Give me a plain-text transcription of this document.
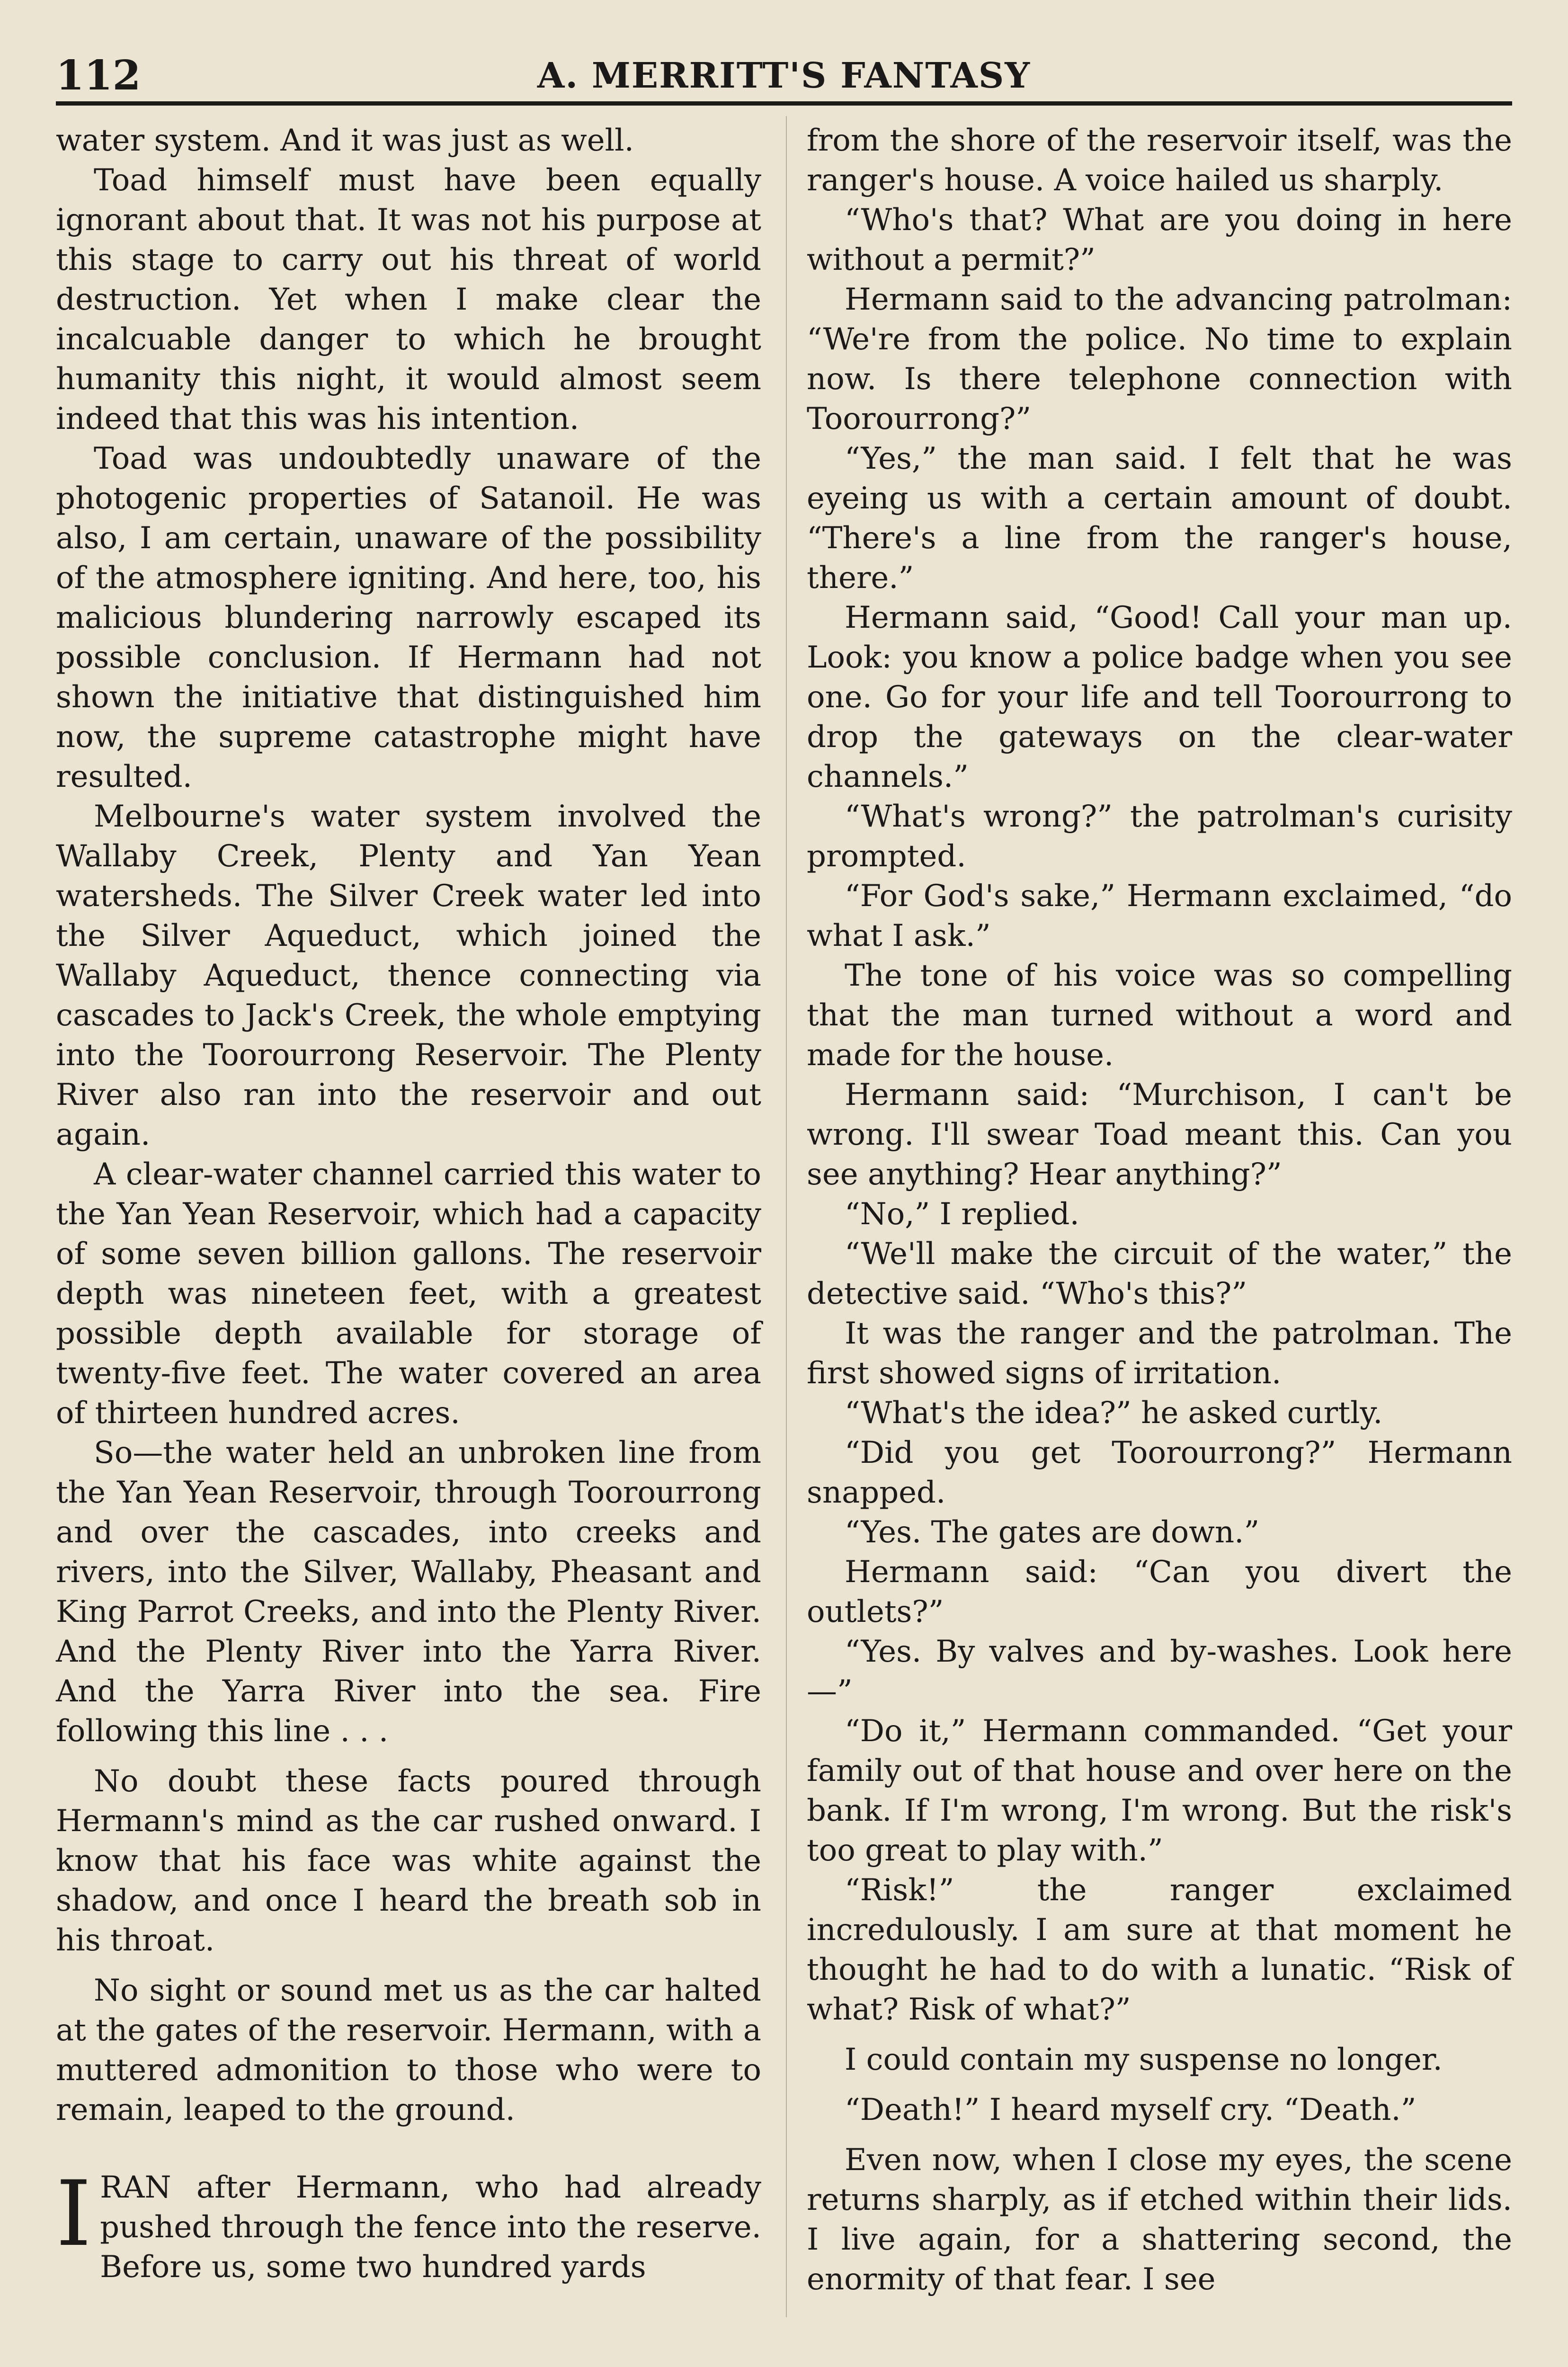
112	A. MERRITT'S FANTASY

water system. And it was just as well.

Toad himself must have been equally ignorant about that. It was not his purpose at this stage to carry out his threat of world destruction. Yet when I make clear the incalcuable danger to which he brought humanity this night, it would almost seem indeed that this was his intention.

Toad was undoubtedly unaware of the photogenic properties of Satanoil. He was also, I am certain, unaware of the possibility of the atmosphere igniting. And here, too, his malicious blundering narrowly escaped its possible conclusion. If Hermann had not shown the initiative that distinguished him now, the supreme catastrophe might have resulted.

Melbourne's water system involved the Wallaby Creek, Plenty and Yan Yean watersheds. The Silver Creek water led into the Silver Aqueduct, which joined the Wallaby Aqueduct, thence connecting via cascades to Jack's Creek, the whole emptying into the Toorourrong Reservoir. The Plenty River also ran into the reservoir and out again.

A clear-water channel carried this water to the Yan Yean Reservoir, which had a capacity of some seven billion gallons. The reservoir depth was nineteen feet, with a greatest possible depth available for storage of twenty-five feet. The water covered an area of thirteen hundred acres.

So—the water held an unbroken line from the Yan Yean Reservoir, through Toorourrong and over the cascades, into creeks and rivers, into the Silver, Wallaby, Pheasant and King Parrot Creeks, and into the Plenty River. And the Plenty River into the Yarra River. And the Yarra River into the sea. Fire following this line . . .

No doubt these facts poured through Hermann's mind as the car rushed onward. I know that his face was white against the shadow, and once I heard the breath sob in his throat.

No sight or sound met us as the car halted at the gates of the reservoir. Hermann, with a muttered admonition to those who were to remain, leaped to the ground.

IRAN after Hermann, who had already pushed through the fence into the reserve. Before us, some two hundred yards

from the shore of the reservoir itself, was the ranger's house. A voice hailed us sharply.

“Who's that? What are you doing in here without a permit?”

Hermann said to the advancing patrolman: “We're from the police. No time to explain now. Is there telephone connection with Toorourrong?”

“Yes,” the man said. I felt that he was eyeing us with a certain amount of doubt. “There's a line from the ranger's house, there.”

Hermann said, “Good! Call your man up. Look: you know a police badge when you see one. Go for your life and tell Toorourrong to drop the gateways on the clear-water channels.”

“What's wrong?” the patrolman's curisity prompted.

“For God's sake,” Hermann exclaimed, “do what I ask.”

The tone of his voice was so compelling that the man turned without a word and made for the house.

Hermann said: “Murchison, I can't be wrong. I'll swear Toad meant this. Can you see anything? Hear anything?”

“No,” I replied.

“We'll make the circuit of the water,” the detective said. “Who's this?”

It was the ranger and the patrolman. The first showed signs of irritation.

“What's the idea?” he asked curtly.

“Did you get Toorourrong?” Hermann snapped.

“Yes. The gates are down.”

Hermann said: “Can you divert the outlets?”

“Yes. By valves and by-washes. Look here—”

“Do it,” Hermann commanded. “Get your family out of that house and over here on the bank. If I'm wrong, I'm wrong. But the risk's too great to play with.”

“Risk!” the ranger exclaimed incredulously. I am sure at that moment he thought he had to do with a lunatic. “Risk of what? Risk of what?”

I could contain my suspense no longer.

“Death!” I heard myself cry. “Death.”

Even now, when I close my eyes, the scene returns sharply, as if etched within their lids. I live again, for a shattering second, the enormity of that fear. I see
